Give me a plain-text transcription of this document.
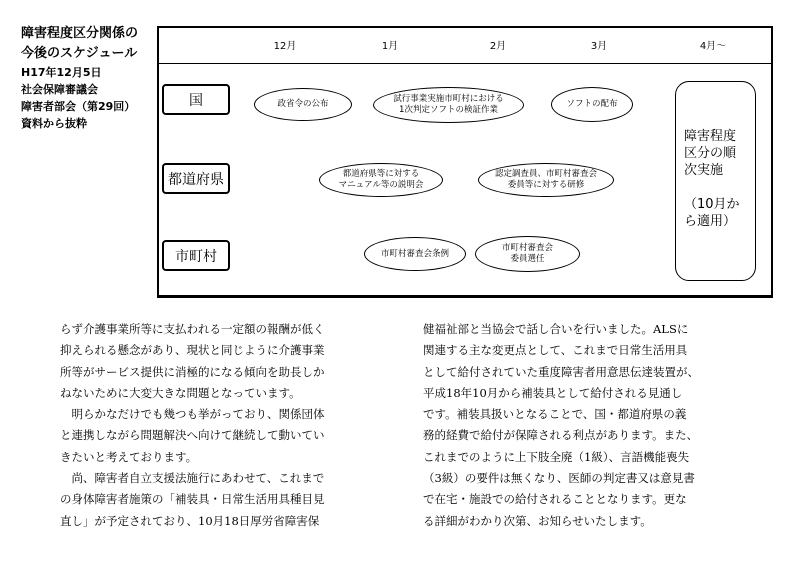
障害程度区分関係の
今後のスケジュール
H17年12月5日
社会保障審議会
障害者部会（第29回）
資料から抜粋
12月	1月	2月	3月	4月～
国
都道府県
市町村
政省令の公布	試行事業実施市町村における
1次判定ソフトの検証作業
ソフトの配布
都道府県等に対する
マニュアル等の説明会
認定調査員、市町村審査会
委員等に対する研修
市町村審査会条例
市町村審査会
委員選任
障害程度
区分の順
次実施
（10月か
ら適用）

らず介護事業所等に支払われる一定額の報酬が低く

抑えられる懸念があり、現状と同じように介護事業

所等がサービス提供に消極的になる傾向を助長しか

ねないために大変大きな問題となっています。

　明らかなだけでも幾つも挙がっており、関係団体

と連携しながら問題解決へ向けて継続して動いてい

きたいと考えております。

　尚、障害者自立支援法施行にあわせて、これまで

の身体障害者施策の「補装具・日常生活用具種目見

直し」が予定されており、10月18日厚労省障害保

健福祉部と当協会で話し合いを行いました。ALSに

関連する主な変更点として、これまで日常生活用具

として給付されていた重度障害者用意思伝達装置が、

平成18年10月から補装具として給付される見通し

です。補装具扱いとなることで、国・都道府県の義

務的経費で給付が保障される利点があります。また、

これまでのように上下肢全廃（1級）、言語機能喪失

（3級）の要件は無くなり、医師の判定書又は意見書

で在宅・施設での給付されることとなります。更な

る詳細がわかり次第、お知らせいたします。
